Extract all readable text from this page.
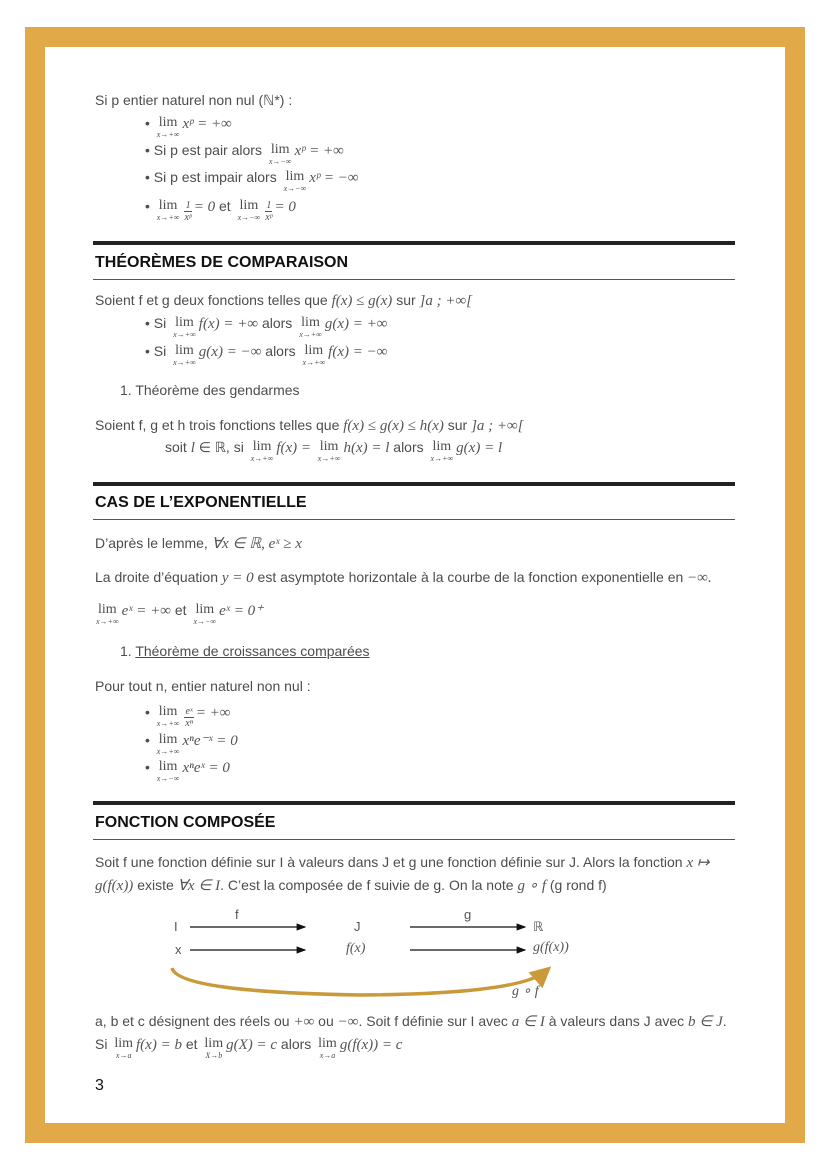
Si p entier naturel non nul (ℕ*) :
• lim
x→+∞
xᵖ = +∞
• Si p est pair alors lim
x→−∞
xᵖ = +∞
• Si p est impair alors lim
x→−∞
xᵖ = −∞
• lim
$x\to+\infty \frac{1}{\text{xᵖ}} = 0$ et lim
$x\to-\infty \frac{1}{\text{xᵖ}} = 0$
THÉORÈMES DE COMPARAISON
Soient f et g deux fonctions telles que f(x) ≤ g(x) sur ]a ; +∞[
• Si lim
x→+∞
f(x) = +∞ alors lim
x→+∞
g(x) = +∞
• Si lim
x→+∞
g(x) = −∞ alors lim
x→+∞
f(x) = −∞
1. Théorème des gendarmes
Soient f, g et h trois fonctions telles que f(x) ≤ g(x) ≤ h(x) sur ]a ; +∞[
soit l ∈ ℝ, si lim
x→+∞
f(x) = lim
x→+∞
h(x) = l alors lim
x→+∞
g(x) = l
CAS DE L’EXPONENTIELLE
D’après le lemme, ∀x ∈ ℝ, eˣ ≥ x
La droite d’équation y = 0 est asymptote horizontale à la courbe de la fonction exponentielle en −∞.
lim
x→+∞
eˣ = +∞ et lim
x→−∞
eˣ = 0⁺
1. Théorème de croissances comparées
Pour tout n, entier naturel non nul :
• lim
$x\to+\infty \frac{\text{eˣ}}{\text{xⁿ}}$ = +∞
• lim
x→+∞
xⁿe⁻ˣ = 0
• lim
x→−∞
xⁿeˣ = 0
FONCTION COMPOSÉE
Soit f une fonction définie sur I à valeurs dans J et g une fonction définie sur J. Alors la fonction x ↦
g(f(x)) existe ∀x ∈ I. C’est la composée de f suivie de g. On la note g ∘ f (g rond f)
I
x
f
J
f(x)
g
ℝ
g(f(x))
g ∘ f
a, b et c désignent des réels ou +∞ ou −∞. Soit f définie sur I avec a ∈ I à valeurs dans J avec b ∈ J.
Si lim
x→a
f(x) = b et lim
X→b
g(X) = c alors lim
x→a
g(f(x)) = c
3
